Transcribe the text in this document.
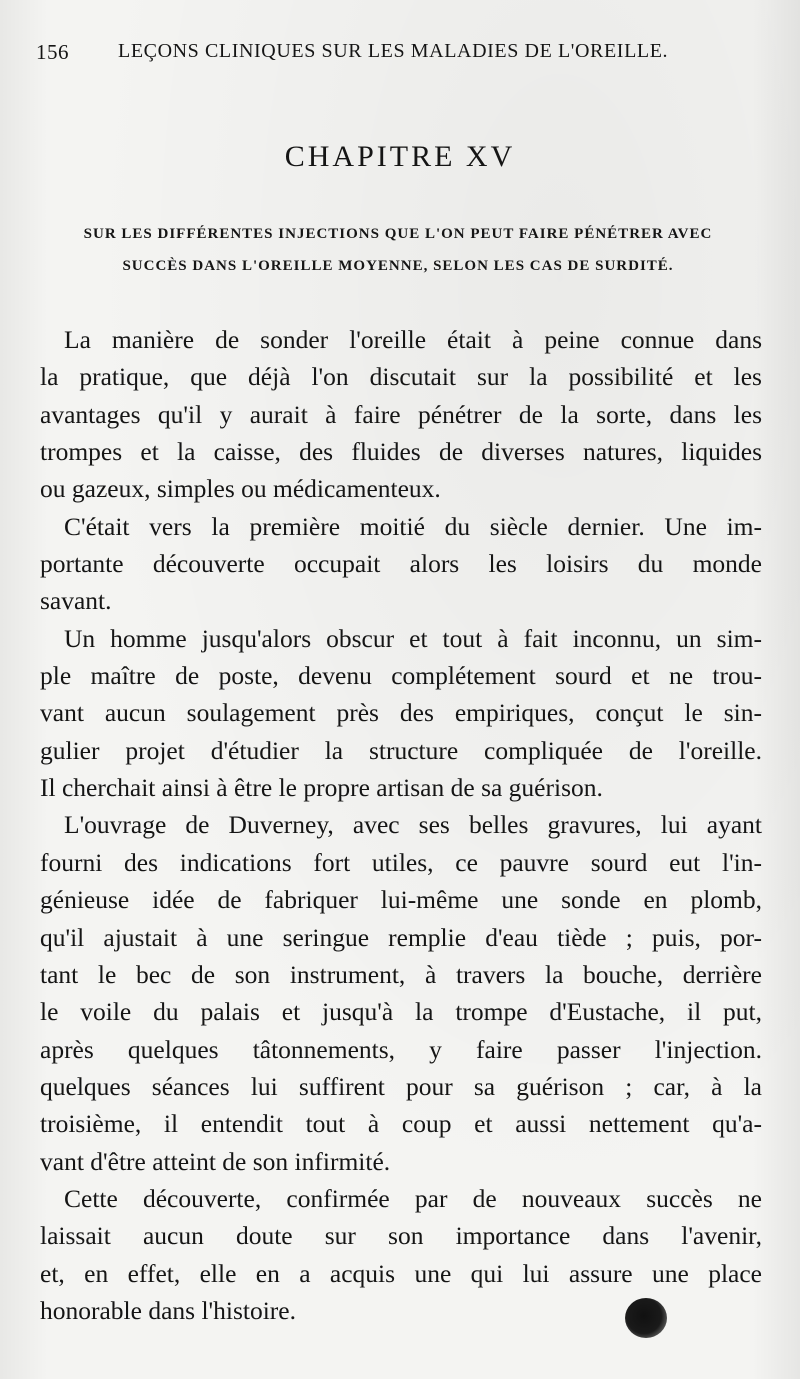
156 LEÇONS CLINIQUES SUR LES MALADIES DE L'OREILLE.
CHAPITRE XV
SUR LES DIFFÉRENTES INJECTIONS QUE L'ON PEUT FAIRE PÉNÉTRER AVEC
SUCCÈS DANS L'OREILLE MOYENNE, SELON LES CAS DE SURDITÉ.
La manière de sonder l'oreille était à peine connue dans
la pratique, que déjà l'on discutait sur la possibilité et les
avantages qu'il y aurait à faire pénétrer de la sorte, dans les
trompes et la caisse, des fluides de diverses natures, liquides
ou gazeux, simples ou médicamenteux.
C'était vers la première moitié du siècle dernier. Une im-
portante découverte occupait alors les loisirs du monde
savant.
Un homme jusqu'alors obscur et tout à fait inconnu, un sim-
ple maître de poste, devenu complétement sourd et ne trou-
vant aucun soulagement près des empiriques, conçut le sin-
gulier projet d'étudier la structure compliquée de l'oreille.
Il cherchait ainsi à être le propre artisan de sa guérison.
L'ouvrage de Duverney, avec ses belles gravures, lui ayant
fourni des indications fort utiles, ce pauvre sourd eut l'in-
génieuse idée de fabriquer lui-même une sonde en plomb,
qu'il ajustait à une seringue remplie d'eau tiède ; puis, por-
tant le bec de son instrument, à travers la bouche, derrière
le voile du palais et jusqu'à la trompe d'Eustache, il put,
après quelques tâtonnements, y faire passer l'injection.
quelques séances lui suffirent pour sa guérison ; car, à la
troisième, il entendit tout à coup et aussi nettement qu'a-
vant d'être atteint de son infirmité.
Cette découverte, confirmée par de nouveaux succès ne
laissait aucun doute sur son importance dans l'avenir,
et, en effet, elle en a acquis une qui lui assure une place
honorable dans l'histoire.
